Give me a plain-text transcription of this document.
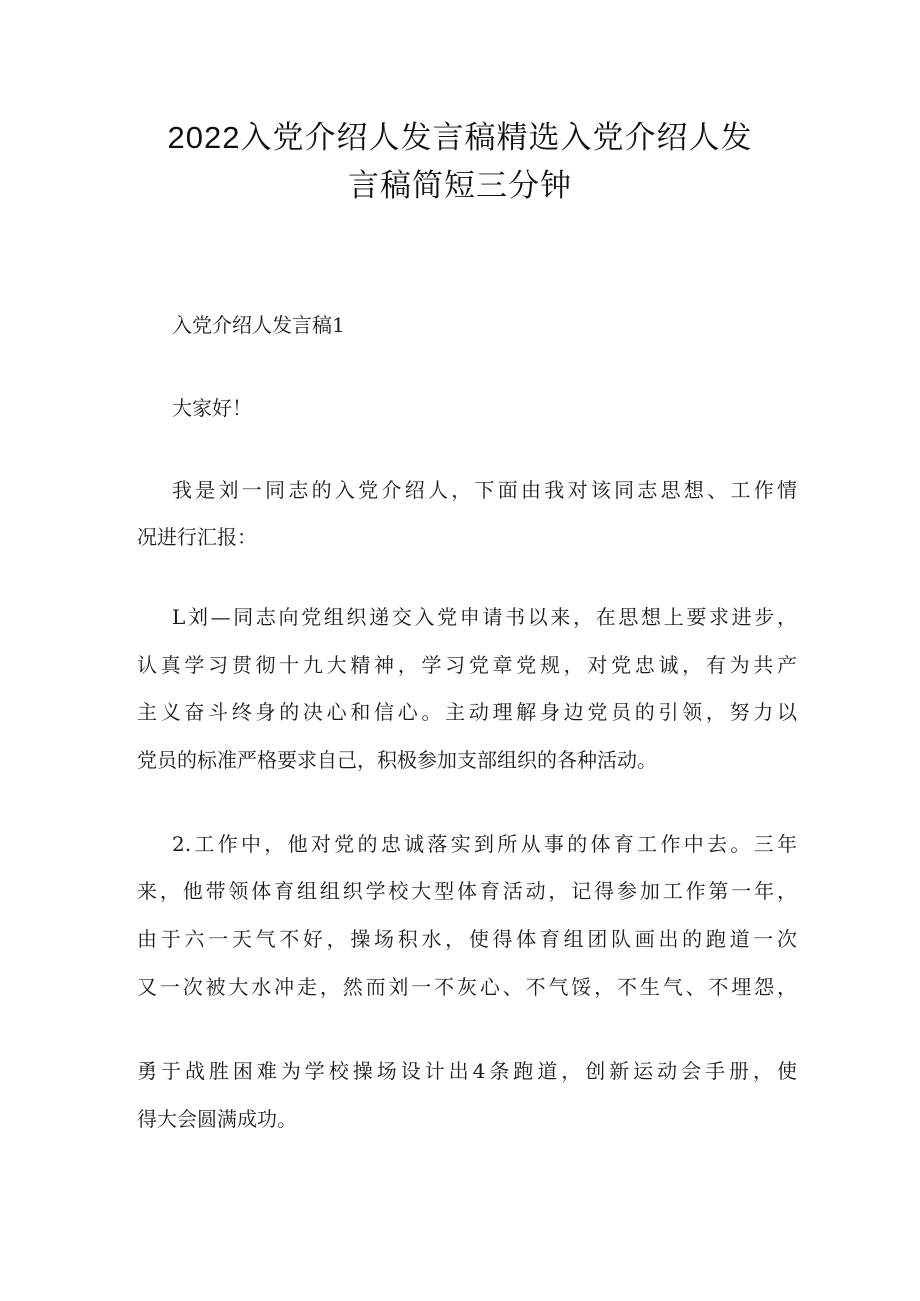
2022入党介绍人发言稿精选入党介绍人发
言稿简短三分钟

入党介绍人发言稿1

大家好！

我是刘一同志的入党介绍人，下面由我对该同志思想、工作情

况进行汇报：

L刘—同志向党组织递交入党申请书以来，在思想上要求进步，

认真学习贯彻十九大精神，学习党章党规，对党忠诚，有为共产

主义奋斗终身的决心和信心。主动理解身边党员的引领，努力以

党员的标准严格要求自己，积极参加支部组织的各种活动。

2.工作中，他对党的忠诚落实到所从事的体育工作中去。三年

来，他带领体育组组织学校大型体育活动，记得参加工作第一年，

由于六一天气不好，操场积水，使得体育组团队画出的跑道一次

又一次被大水冲走，然而刘一不灰心、不气馁，不生气、不埋怨，

勇于战胜困难为学校操场设计出4条跑道，创新运动会手册，使

得大会圆满成功。
